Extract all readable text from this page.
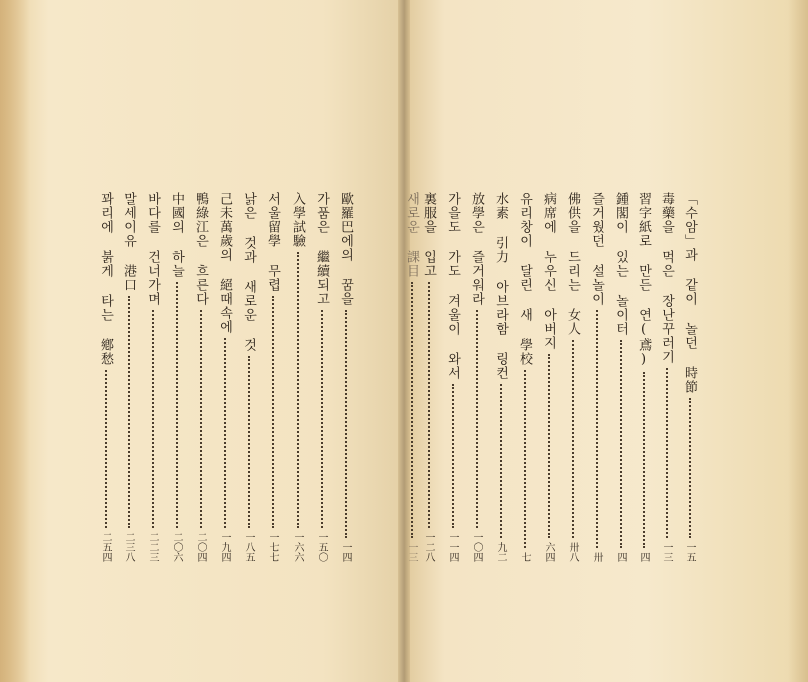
「수암」과 같이 놀던 時節
一五
毒藥을 먹은 장난꾸러기
一三
習字紙로 만든 연(鳶)
四
鍾閣이 있는 놀이터
四
즐거웠던 설놀이
卅
佛供을 드리는 女人
卅八
病席에 누우신 아버지
六四
유리창이 달린 새 學校
七
水素 引力 아브라함 링컨
九二
放學은 즐거워라
一〇四
가을도 가도 겨울이 와서
一一四
裏服을 입고
一二八
새로운 課目
一三
歐羅巴에의 꿈을
一四
가품은 繼續되고
一五〇
入學試驗
一六六
서울留學 무렵
一七七
낡은 것과 새로운 것
一八五
己未萬歲의 絕때속에
一九四
鴨綠江은 흐른다
二〇四
中國의 하늘
二〇六
바다를 건너가며
二二三
말세이유 港口
二三八
꽈리에 붉게 타는 鄕愁
二五四
